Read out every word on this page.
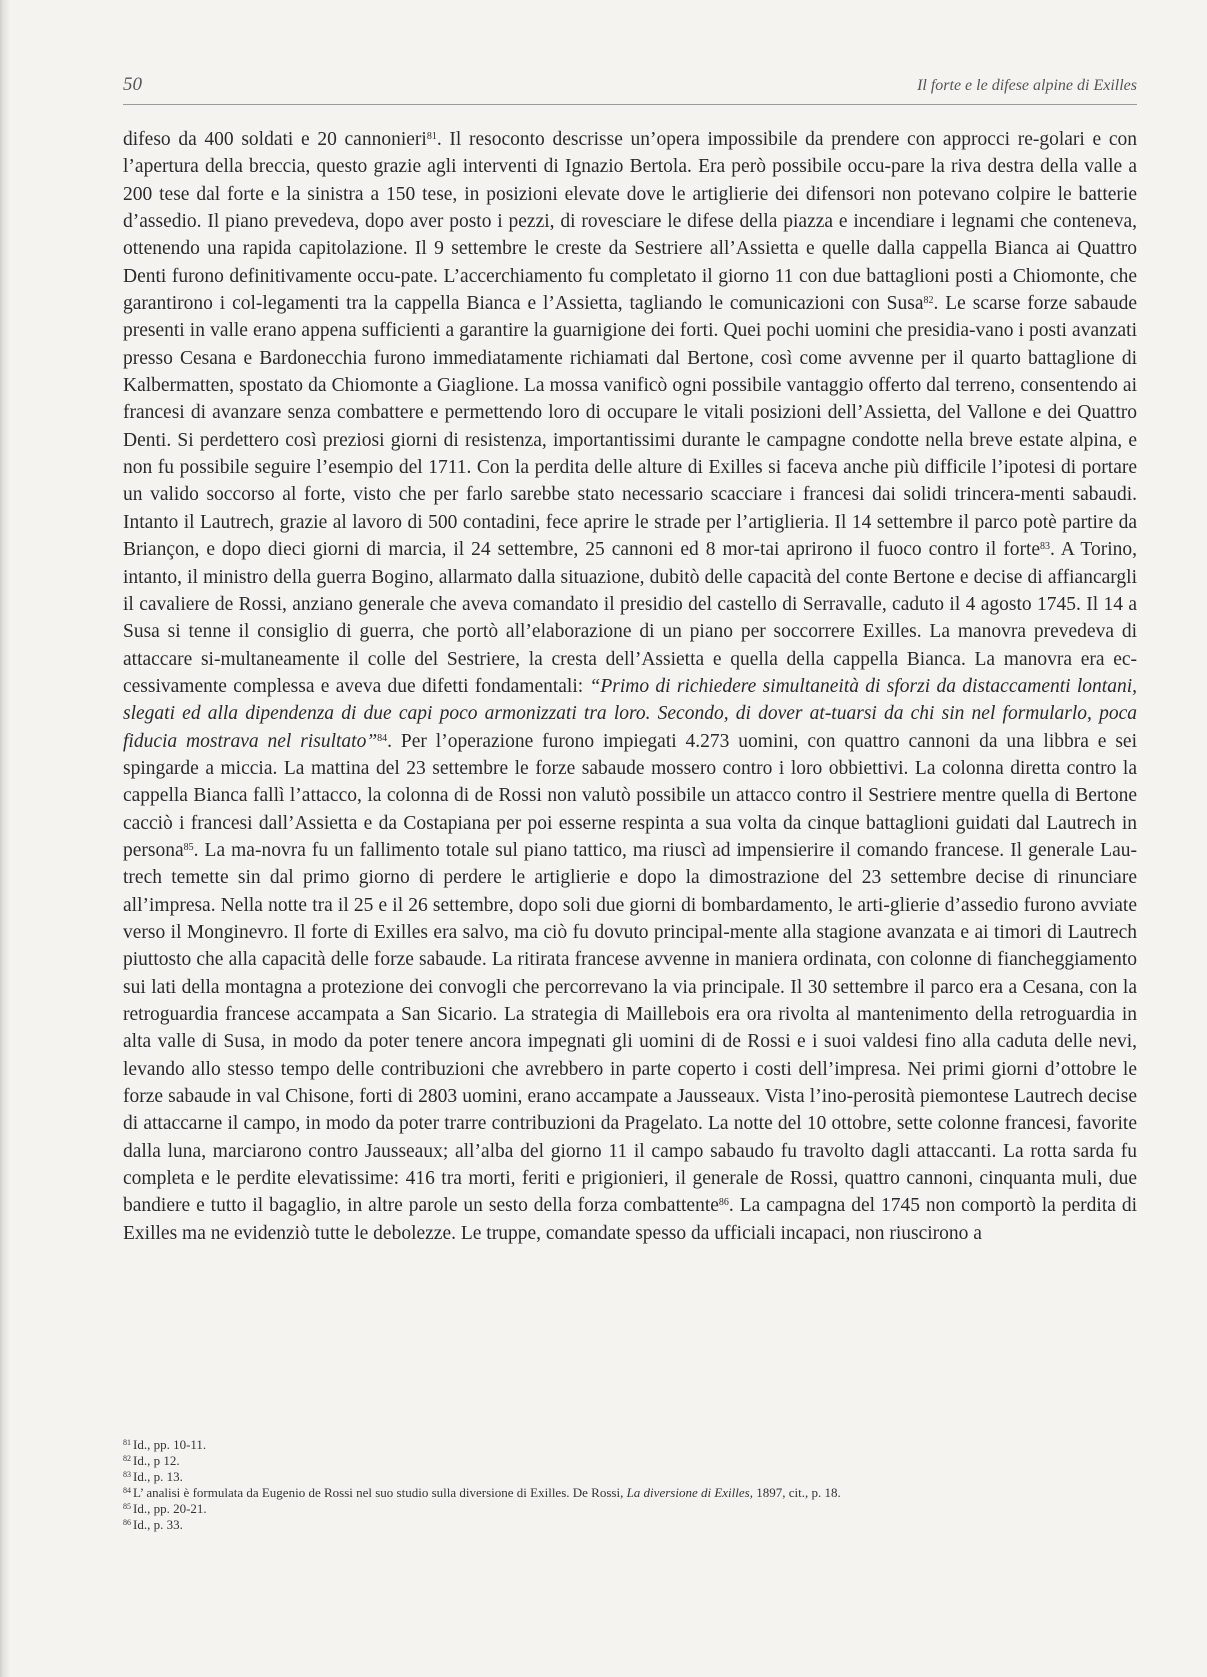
50	Il forte e le difese alpine di Exilles
difeso da 400 soldati e 20 cannonieri$^{81}$. Il resoconto descrisse un’opera impossibile da prendere con approcci re-golari e con l’apertura della breccia, questo grazie agli interventi di Ignazio Bertola. Era però possibile occu-pare la riva destra della valle a 200 tese dal forte e la sinistra a 150 tese, in posizioni elevate dove le artiglierie dei difensori non potevano colpire le batterie d’assedio. Il piano prevedeva, dopo aver posto i pezzi, di rovesciare le difese della piazza e incendiare i legnami che conteneva, ottenendo una rapida capitolazione. Il 9 settembre le creste da Sestriere all’Assietta e quelle dalla cappella Bianca ai Quattro Denti furono definitivamente occu-pate. L’accerchiamento fu completato il giorno 11 con due battaglioni posti a Chiomonte, che garantirono i col-legamenti tra la cappella Bianca e l’Assietta, tagliando le comunicazioni con Susa$^{82}$. Le scarse forze sabaude presenti in valle erano appena sufficienti a garantire la guarnigione dei forti. Quei pochi uomini che presidia-vano i posti avanzati presso Cesana e Bardonecchia furono immediatamente richiamati dal Bertone, così come avvenne per il quarto battaglione di Kalbermatten, spostato da Chiomonte a Giaglione. La mossa vanificò ogni possibile vantaggio offerto dal terreno, consentendo ai francesi di avanzare senza combattere e permettendo loro di occupare le vitali posizioni dell’Assietta, del Vallone e dei Quattro Denti. Si perdettero così preziosi giorni di resistenza, importantissimi durante le campagne condotte nella breve estate alpina, e non fu possibile seguire l’esempio del 1711. Con la perdita delle alture di Exilles si faceva anche più difficile l’ipotesi di portare un valido soccorso al forte, visto che per farlo sarebbe stato necessario scacciare i francesi dai solidi trincera-menti sabaudi. Intanto il Lautrech, grazie al lavoro di 500 contadini, fece aprire le strade per l’artiglieria. Il 14 settembre il parco potè partire da Briançon, e dopo dieci giorni di marcia, il 24 settembre, 25 cannoni ed 8 mor-tai aprirono il fuoco contro il forte$^{83}$. A Torino, intanto, il ministro della guerra Bogino, allarmato dalla situazione, dubitò delle capacità del conte Bertone e decise di affiancargli il cavaliere de Rossi, anziano generale che aveva comandato il presidio del castello di Serravalle, caduto il 4 agosto 1745. Il 14 a Susa si tenne il consiglio di guerra, che portò all’elaborazione di un piano per soccorrere Exilles. La manovra prevedeva di attaccare si-multaneamente il colle del Sestriere, la cresta dell’Assietta e quella della cappella Bianca. La manovra era ec-cessivamente complessa e aveva due difetti fondamentali: “Primo di richiedere simultaneità di sforzi da distaccamenti lontani, slegati ed alla dipendenza di due capi poco armonizzati tra loro. Secondo, di dover at-tuarsi da chi sin nel formularlo, poca fiducia mostrava nel risultato”$^{84}$. Per l’operazione furono impiegati 4.273 uomini, con quattro cannoni da una libbra e sei spingarde a miccia. La mattina del 23 settembre le forze sabaude mossero contro i loro obbiettivi. La colonna diretta contro la cappella Bianca fallì l’attacco, la colonna di de Rossi non valutò possibile un attacco contro il Sestriere mentre quella di Bertone cacciò i francesi dall’Assietta e da Costapiana per poi esserne respinta a sua volta da cinque battaglioni guidati dal Lautrech in persona$^{85}$. La ma-novra fu un fallimento totale sul piano tattico, ma riuscì ad impensierire il comando francese. Il generale Lau-trech temette sin dal primo giorno di perdere le artiglierie e dopo la dimostrazione del 23 settembre decise di rinunciare all’impresa. Nella notte tra il 25 e il 26 settembre, dopo soli due giorni di bombardamento, le arti-glierie d’assedio furono avviate verso il Monginevro. Il forte di Exilles era salvo, ma ciò fu dovuto principal-mente alla stagione avanzata e ai timori di Lautrech piuttosto che alla capacità delle forze sabaude. La ritirata francese avvenne in maniera ordinata, con colonne di fiancheggiamento sui lati della montagna a protezione dei convogli che percorrevano la via principale. Il 30 settembre il parco era a Cesana, con la retroguardia francese accampata a San Sicario. La strategia di Maillebois era ora rivolta al mantenimento della retroguardia in alta valle di Susa, in modo da poter tenere ancora impegnati gli uomini di de Rossi e i suoi valdesi fino alla caduta delle nevi, levando allo stesso tempo delle contribuzioni che avrebbero in parte coperto i costi dell’impresa. Nei primi giorni d’ottobre le forze sabaude in val Chisone, forti di 2803 uomini, erano accampate a Jausseaux. Vista l’ino-perosità piemontese Lautrech decise di attaccarne il campo, in modo da poter trarre contribuzioni da Pragelato. La notte del 10 ottobre, sette colonne francesi, favorite dalla luna, marciarono contro Jausseaux; all’alba del giorno 11 il campo sabaudo fu travolto dagli attaccanti. La rotta sarda fu completa e le perdite elevatissime: 416 tra morti, feriti e prigionieri, il generale de Rossi, quattro cannoni, cinquanta muli, due bandiere e tutto il bagaglio, in altre parole un sesto della forza combattente$^{86}$. La campagna del 1745 non comportò la perdita di Exilles ma ne evidenziò tutte le debolezze. Le truppe, comandate spesso da ufficiali incapaci, non riuscirono a
$^{81}$ Id., pp. 10-11.
$^{82}$ Id., p 12.
$^{83}$ Id., p. 13.
$^{84}$ L’ analisi è formulata da Eugenio de Rossi nel suo studio sulla diversione di Exilles. De Rossi, La diversione di Exilles, 1897, cit., p. 18.
$^{85}$ Id., pp. 20-21.
$^{86}$ Id., p. 33.
